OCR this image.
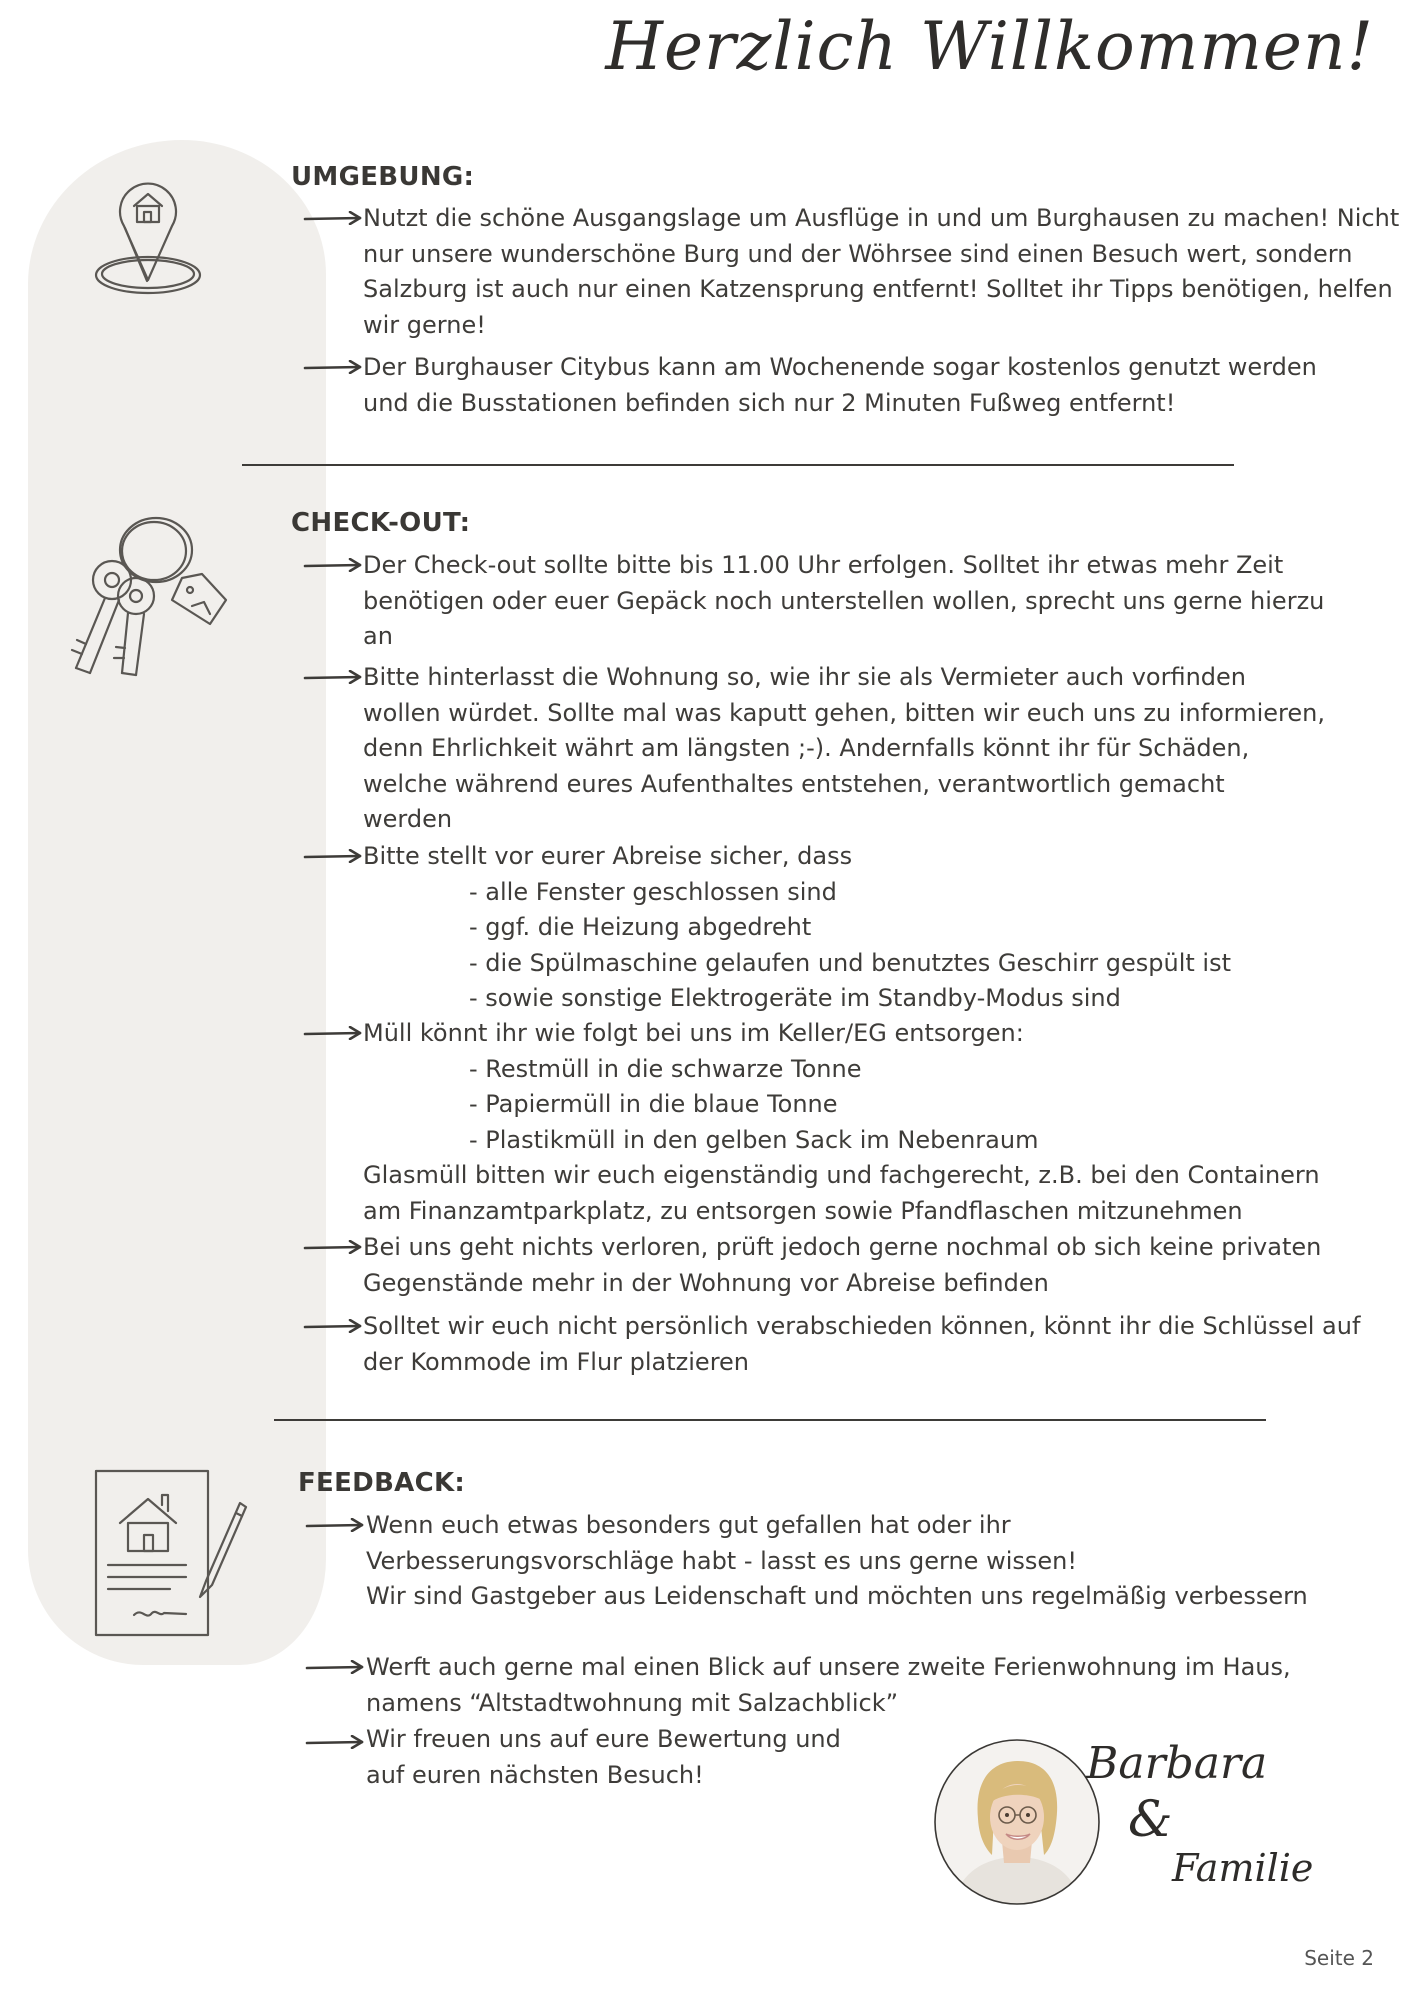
Herzlich Willkommen!
UMGEBUNG:

Nutzt die schöne Ausgangslage um Ausflüge in und um Burghausen zu machen! Nicht

nur unsere wunderschöne Burg und der Wöhrsee sind einen Besuch wert, sondern

Salzburg ist auch nur einen Katzensprung entfernt! Solltet ihr Tipps benötigen, helfen

wir gerne!

Der Burghauser Citybus kann am Wochenende sogar kostenlos genutzt werden

und die Busstationen befinden sich nur 2 Minuten Fußweg entfernt!

CHECK-OUT:

Der Check-out sollte bitte bis 11.00 Uhr erfolgen. Solltet ihr etwas mehr Zeit

benötigen oder euer Gepäck noch unterstellen wollen, sprecht uns gerne hierzu

an

Bitte hinterlasst die Wohnung so, wie ihr sie als Vermieter auch vorfinden

wollen würdet. Sollte mal was kaputt gehen, bitten wir euch uns zu informieren,

denn Ehrlichkeit währt am längsten ;-). Andernfalls könnt ihr für Schäden,

welche während eures Aufenthaltes entstehen, verantwortlich gemacht

werden

Bitte stellt vor eurer Abreise sicher, dass

- alle Fenster geschlossen sind

- ggf. die Heizung abgedreht

- die Spülmaschine gelaufen und benutztes Geschirr gespült ist

- sowie sonstige Elektrogeräte im Standby-Modus sind

Müll könnt ihr wie folgt bei uns im Keller/EG entsorgen:

- Restmüll in die schwarze Tonne

- Papiermüll in die blaue Tonne

- Plastikmüll in den gelben Sack im Nebenraum

Glasmüll bitten wir euch eigenständig und fachgerecht, z.B. bei den Containern

am Finanzamtparkplatz, zu entsorgen sowie Pfandflaschen mitzunehmen

Bei uns geht nichts verloren, prüft jedoch gerne nochmal ob sich keine privaten

Gegenstände mehr in der Wohnung vor Abreise befinden

Solltet wir euch nicht persönlich verabschieden können, könnt ihr die Schlüssel auf

der Kommode im Flur platzieren

FEEDBACK:

Wenn euch etwas besonders gut gefallen hat oder ihr

Verbesserungsvorschläge habt - lasst es uns gerne wissen!

Wir sind Gastgeber aus Leidenschaft und möchten uns regelmäßig verbessern

Werft auch gerne mal einen Blick auf unsere zweite Ferienwohnung im Haus,

namens “Altstadtwohnung mit Salzachblick”

Wir freuen uns auf eure Bewertung und

auf euren nächsten Besuch!	Barbara
&
Familie
Seite 2
